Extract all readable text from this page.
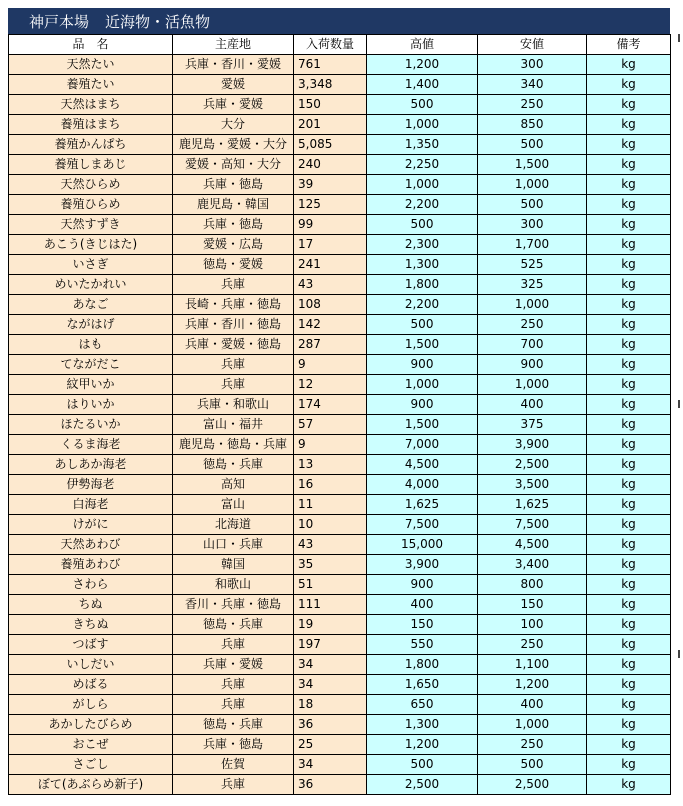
神戸本場 近海物・活魚物
品　名	主産地	入荷数量	高値	安値	備考
天然たい	兵庫・香川・愛媛	761	1,200	300	kg
養殖たい	愛媛	3,348	1,400	340	kg
天然はまち	兵庫・愛媛	150	500	250	kg
養殖はまち	大分	201	1,000	850	kg
養殖かんぱち	鹿児島・愛媛・大分	5,085	1,350	500	kg
養殖しまあじ	愛媛・高知・大分	240	2,250	1,500	kg
天然ひらめ	兵庫・徳島	39	1,000	1,000	kg
養殖ひらめ	鹿児島・韓国	125	2,200	500	kg
天然すずき	兵庫・徳島	99	500	300	kg
あこう(きじはた)	愛媛・広島	17	2,300	1,700	kg
いさぎ	徳島・愛媛	241	1,300	525	kg
めいたかれい	兵庫	43	1,800	325	kg
あなご	長崎・兵庫・徳島	108	2,200	1,000	kg
ながはげ	兵庫・香川・徳島	142	500	250	kg
はも	兵庫・愛媛・徳島	287	1,500	700	kg
てながだこ	兵庫	9	900	900	kg
紋甲いか	兵庫	12	1,000	1,000	kg
はりいか	兵庫・和歌山	174	900	400	kg
ほたるいか	富山・福井	57	1,500	375	kg
くるま海老	鹿児島・徳島・兵庫	9	7,000	3,900	kg
あしあか海老	徳島・兵庫	13	4,500	2,500	kg
伊勢海老	高知	16	4,000	3,500	kg
白海老	富山	11	1,625	1,625	kg
けがに	北海道	10	7,500	7,500	kg
天然あわび	山口・兵庫	43	15,000	4,500	kg
養殖あわび	韓国	35	3,900	3,400	kg
さわら	和歌山	51	900	800	kg
ちぬ	香川・兵庫・徳島	111	400	150	kg
きちぬ	徳島・兵庫	19	150	100	kg
つばす	兵庫	197	550	250	kg
いしだい	兵庫・愛媛	34	1,800	1,100	kg
めばる	兵庫	34	1,650	1,200	kg
がしら	兵庫	18	650	400	kg
あかしたびらめ	徳島・兵庫	36	1,300	1,000	kg
おこぜ	兵庫・徳島	25	1,200	250	kg
さごし	佐賀	34	500	500	kg
ぼて(あぶらめ新子)	兵庫	36	2,500	2,500	kg
